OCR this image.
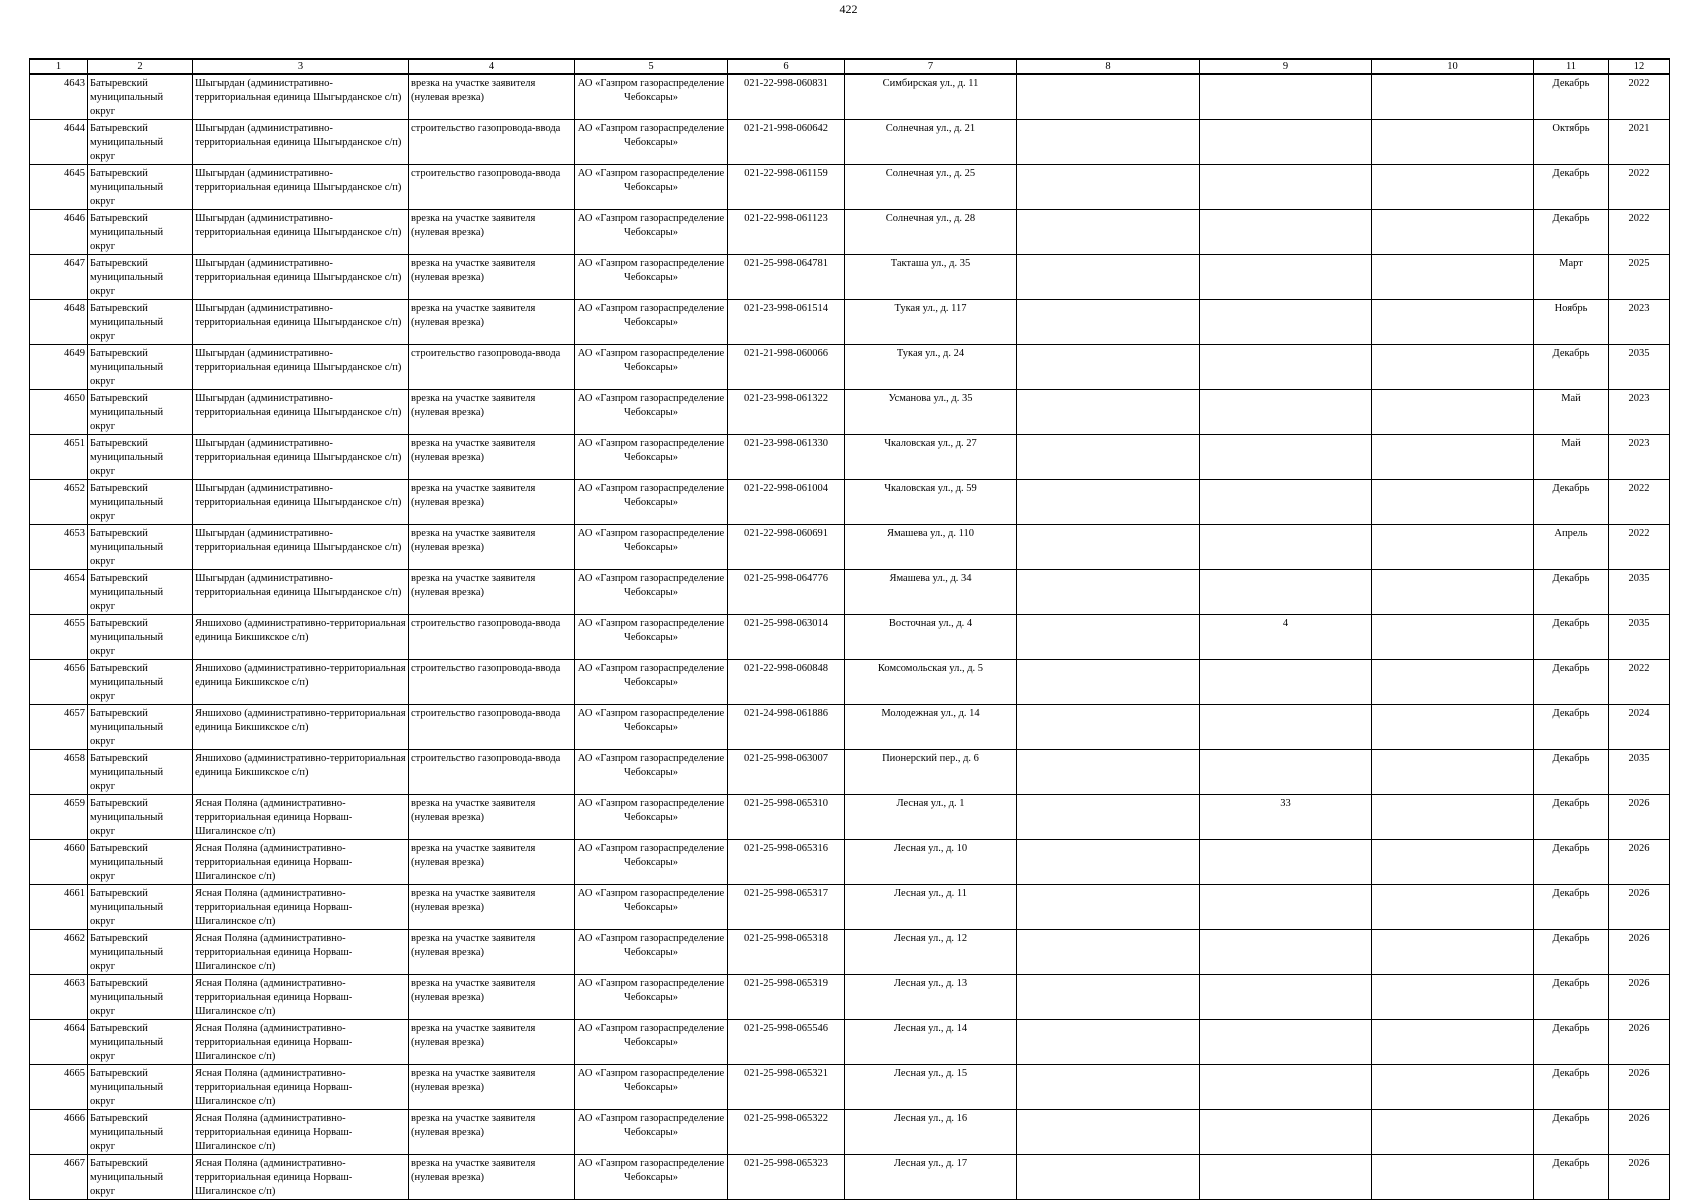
422
1	2	3	4	5	6	7	8	9	10	11	12
4643	Батыревский муниципальный округ	Шыгырдан (административно-территориальная единица Шыгырданское с/п)	врезка на участке заявителя (нулевая врезка)	АО «Газпром газораспределение Чебоксары»	021-22-998-060831	Симбирская ул., д. 11				Декабрь	2022
4644	Батыревский муниципальный округ	Шыгырдан (административно-территориальная единица Шыгырданское с/п)	строительство газопровода-ввода	АО «Газпром газораспределение Чебоксары»	021-21-998-060642	Солнечная ул., д. 21				Октябрь	2021
4645	Батыревский муниципальный округ	Шыгырдан (административно-территориальная единица Шыгырданское с/п)	строительство газопровода-ввода	АО «Газпром газораспределение Чебоксары»	021-22-998-061159	Солнечная ул., д. 25				Декабрь	2022
4646	Батыревский муниципальный округ	Шыгырдан (административно-территориальная единица Шыгырданское с/п)	врезка на участке заявителя (нулевая врезка)	АО «Газпром газораспределение Чебоксары»	021-22-998-061123	Солнечная ул., д. 28				Декабрь	2022
4647	Батыревский муниципальный округ	Шыгырдан (административно-территориальная единица Шыгырданское с/п)	врезка на участке заявителя (нулевая врезка)	АО «Газпром газораспределение Чебоксары»	021-25-998-064781	Такташа ул., д. 35				Март	2025
4648	Батыревский муниципальный округ	Шыгырдан (административно-территориальная единица Шыгырданское с/п)	врезка на участке заявителя (нулевая врезка)	АО «Газпром газораспределение Чебоксары»	021-23-998-061514	Тукая ул., д. 117				Ноябрь	2023
4649	Батыревский муниципальный округ	Шыгырдан (административно-территориальная единица Шыгырданское с/п)	строительство газопровода-ввода	АО «Газпром газораспределение Чебоксары»	021-21-998-060066	Тукая ул., д. 24				Декабрь	2035
4650	Батыревский муниципальный округ	Шыгырдан (административно-территориальная единица Шыгырданское с/п)	врезка на участке заявителя (нулевая врезка)	АО «Газпром газораспределение Чебоксары»	021-23-998-061322	Усманова ул., д. 35				Май	2023
4651	Батыревский муниципальный округ	Шыгырдан (административно-территориальная единица Шыгырданское с/п)	врезка на участке заявителя (нулевая врезка)	АО «Газпром газораспределение Чебоксары»	021-23-998-061330	Чкаловская ул., д. 27				Май	2023
4652	Батыревский муниципальный округ	Шыгырдан (административно-территориальная единица Шыгырданское с/п)	врезка на участке заявителя (нулевая врезка)	АО «Газпром газораспределение Чебоксары»	021-22-998-061004	Чкаловская ул., д. 59				Декабрь	2022
4653	Батыревский муниципальный округ	Шыгырдан (административно-территориальная единица Шыгырданское с/п)	врезка на участке заявителя (нулевая врезка)	АО «Газпром газораспределение Чебоксары»	021-22-998-060691	Ямашева ул., д. 110				Апрель	2022
4654	Батыревский муниципальный округ	Шыгырдан (административно-территориальная единица Шыгырданское с/п)	врезка на участке заявителя (нулевая врезка)	АО «Газпром газораспределение Чебоксары»	021-25-998-064776	Ямашева ул., д. 34				Декабрь	2035
4655	Батыревский муниципальный округ	Яншихово (административно-территориальная единица Бикшикское с/п)	строительство газопровода-ввода	АО «Газпром газораспределение Чебоксары»	021-25-998-063014	Восточная ул., д. 4		4		Декабрь	2035
4656	Батыревский муниципальный округ	Яншихово (административно-территориальная единица Бикшикское с/п)	строительство газопровода-ввода	АО «Газпром газораспределение Чебоксары»	021-22-998-060848	Комсомольская ул., д. 5				Декабрь	2022
4657	Батыревский муниципальный округ	Яншихово (административно-территориальная единица Бикшикское с/п)	строительство газопровода-ввода	АО «Газпром газораспределение Чебоксары»	021-24-998-061886	Молодежная ул., д. 14				Декабрь	2024
4658	Батыревский муниципальный округ	Яншихово (административно-территориальная единица Бикшикское с/п)	строительство газопровода-ввода	АО «Газпром газораспределение Чебоксары»	021-25-998-063007	Пионерский пер., д. 6				Декабрь	2035
4659	Батыревский муниципальный округ	Ясная Поляна (административно-территориальная единица Норваш-Шигалинское с/п)	врезка на участке заявителя (нулевая врезка)	АО «Газпром газораспределение Чебоксары»	021-25-998-065310	Лесная ул., д. 1		33		Декабрь	2026
4660	Батыревский муниципальный округ	Ясная Поляна (административно-территориальная единица Норваш-Шигалинское с/п)	врезка на участке заявителя (нулевая врезка)	АО «Газпром газораспределение Чебоксары»	021-25-998-065316	Лесная ул., д. 10				Декабрь	2026
4661	Батыревский муниципальный округ	Ясная Поляна (административно-территориальная единица Норваш-Шигалинское с/п)	врезка на участке заявителя (нулевая врезка)	АО «Газпром газораспределение Чебоксары»	021-25-998-065317	Лесная ул., д. 11				Декабрь	2026
4662	Батыревский муниципальный округ	Ясная Поляна (административно-территориальная единица Норваш-Шигалинское с/п)	врезка на участке заявителя (нулевая врезка)	АО «Газпром газораспределение Чебоксары»	021-25-998-065318	Лесная ул., д. 12				Декабрь	2026
4663	Батыревский муниципальный округ	Ясная Поляна (административно-территориальная единица Норваш-Шигалинское с/п)	врезка на участке заявителя (нулевая врезка)	АО «Газпром газораспределение Чебоксары»	021-25-998-065319	Лесная ул., д. 13				Декабрь	2026
4664	Батыревский муниципальный округ	Ясная Поляна (административно-территориальная единица Норваш-Шигалинское с/п)	врезка на участке заявителя (нулевая врезка)	АО «Газпром газораспределение Чебоксары»	021-25-998-065546	Лесная ул., д. 14				Декабрь	2026
4665	Батыревский муниципальный округ	Ясная Поляна (административно-территориальная единица Норваш-Шигалинское с/п)	врезка на участке заявителя (нулевая врезка)	АО «Газпром газораспределение Чебоксары»	021-25-998-065321	Лесная ул., д. 15				Декабрь	2026
4666	Батыревский муниципальный округ	Ясная Поляна (административно-территориальная единица Норваш-Шигалинское с/п)	врезка на участке заявителя (нулевая врезка)	АО «Газпром газораспределение Чебоксары»	021-25-998-065322	Лесная ул., д. 16				Декабрь	2026
4667	Батыревский муниципальный округ	Ясная Поляна (административно-территориальная единица Норваш-Шигалинское с/п)	врезка на участке заявителя (нулевая врезка)	АО «Газпром газораспределение Чебоксары»	021-25-998-065323	Лесная ул., д. 17				Декабрь	2026
